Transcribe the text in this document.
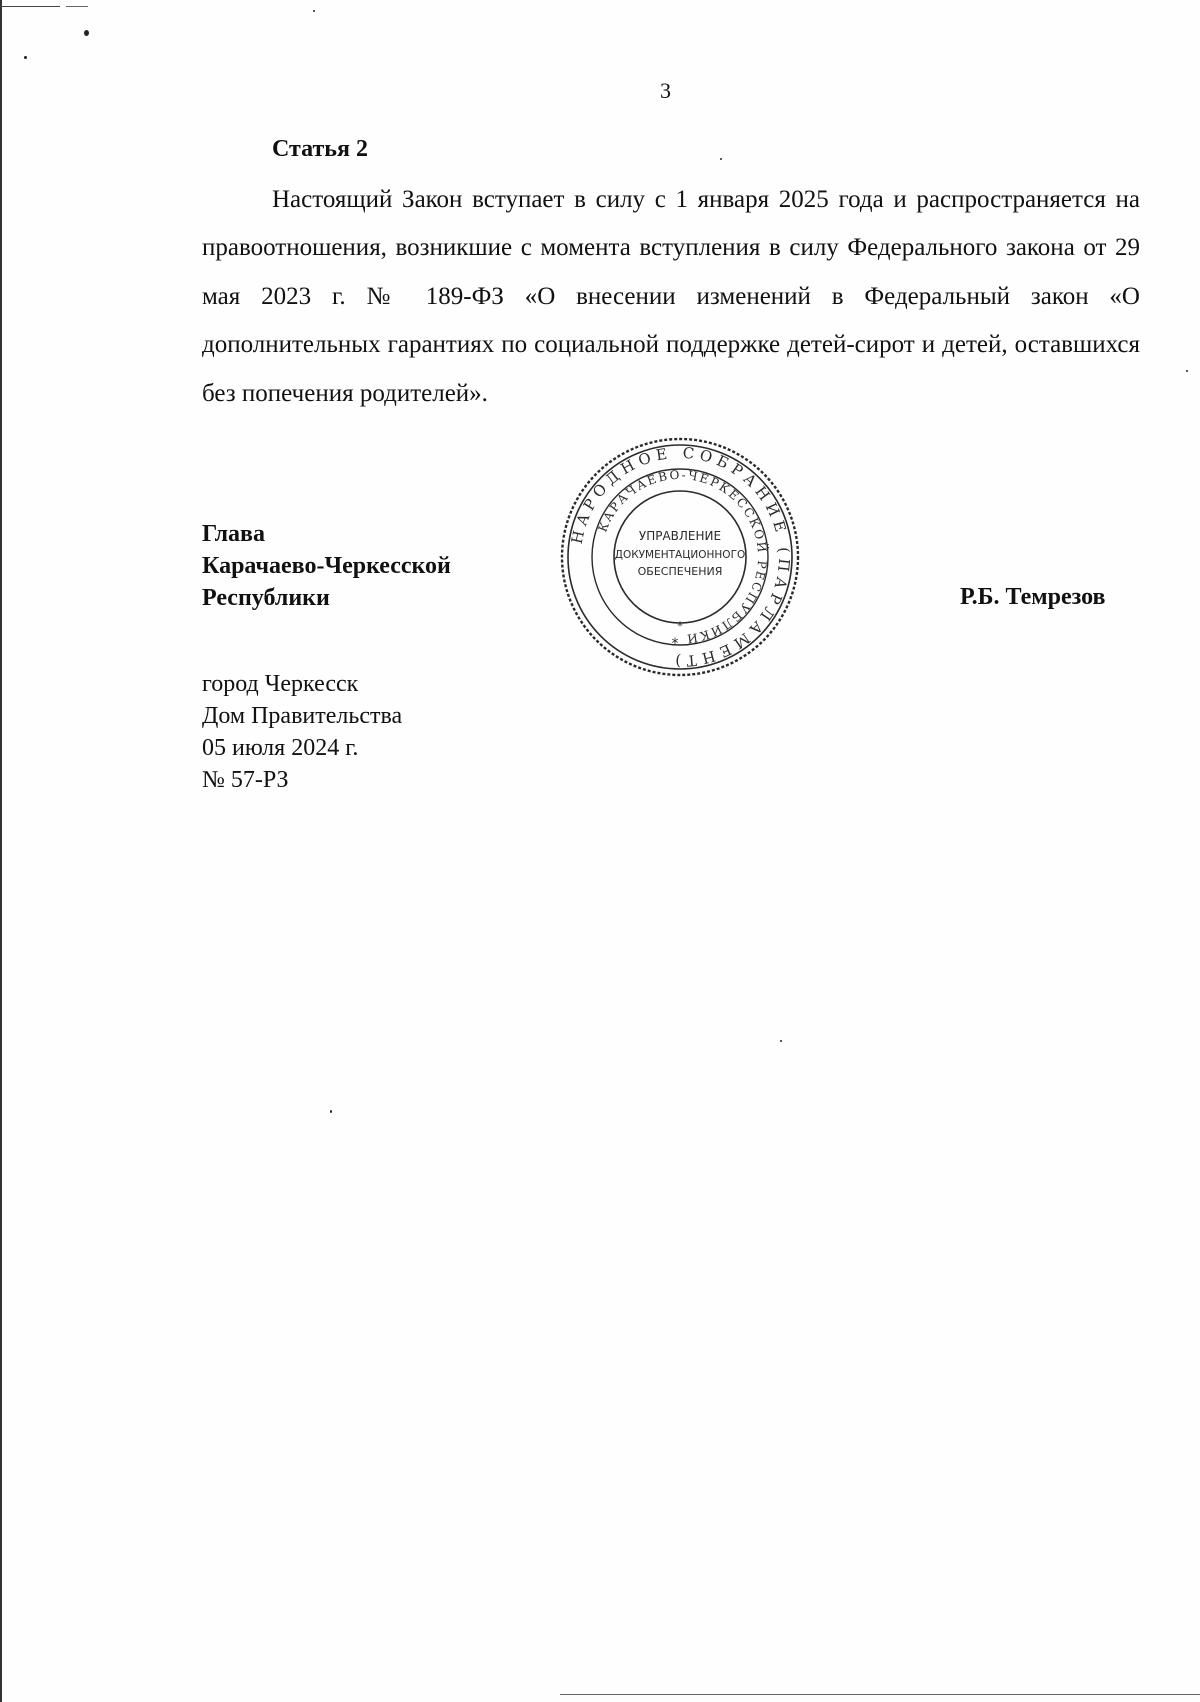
3
Статья 2

Настоящий Закон вступает в силу с 1 января 2025 года и распространяется на правоотношения, возникшие с момента вступления в силу Федерального закона от 29 мая 2023 г. № 189-ФЗ «О внесении изменений в Федеральный закон «О дополнительных гарантиях по социальной поддержке детей-сирот и детей, оставшихся без попечения родителей».

Глава
Карачаево-Черкесской
Республики
НАРОДНОЕ СОБРАНИЕ (ПАРЛАМЕНТ)
КАРАЧАЕВО-ЧЕРКЕССКОЙ РЕСПУБЛИКИ
УПРАВЛЕНИЕ
ДОКУМЕНТАЦИОННОГО
ОБЕСПЕЧЕНИЯ
*
*
Р.Б. Темрезов
город Черкесск
Дом Правительства
05 июля 2024 г.
№ 57-РЗ
